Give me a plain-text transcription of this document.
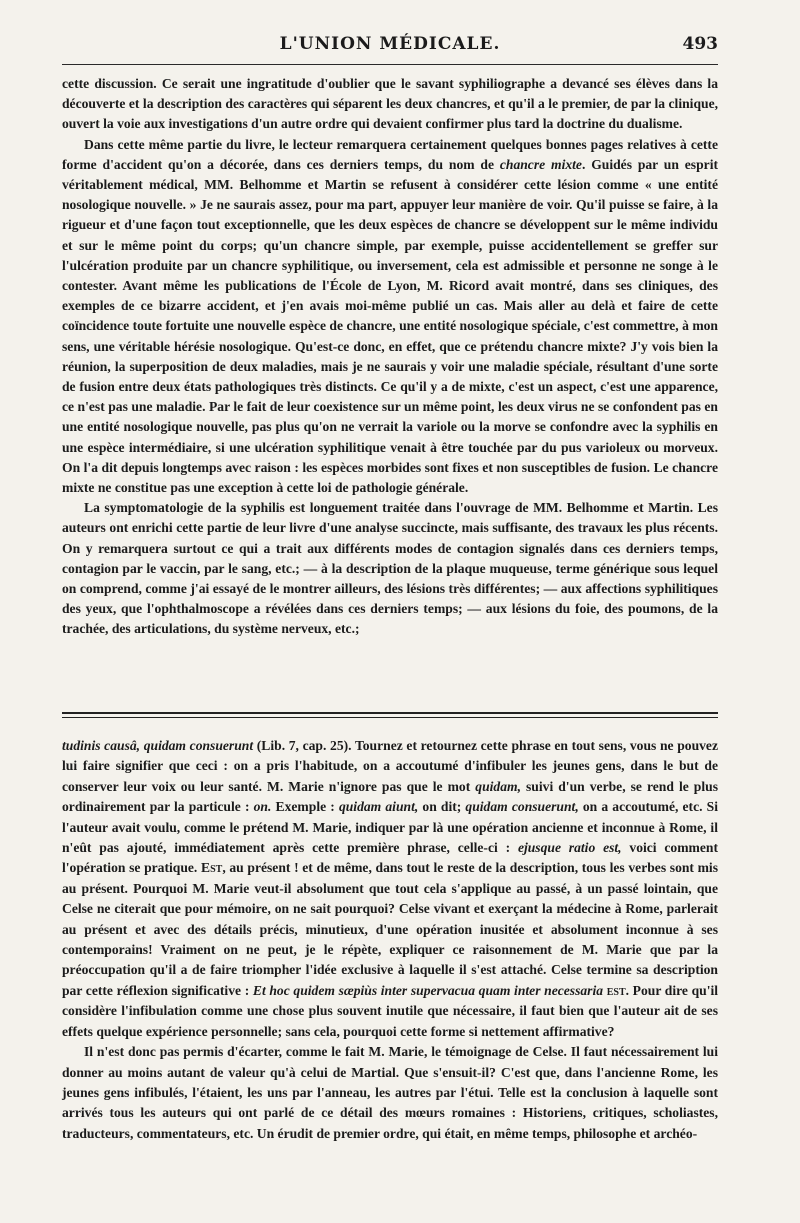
L'UNION MÉDICALE.	493

cette discussion. Ce serait une ingratitude d'oublier que le savant syphiliographe a devancé ses élèves dans la découverte et la description des caractères qui séparent les deux chancres, et qu'il a le premier, de par la clinique, ouvert la voie aux investigations d'un autre ordre qui devaient confirmer plus tard la doctrine du dualisme.

Dans cette même partie du livre, le lecteur remarquera certainement quelques bonnes pages relatives à cette forme d'accident qu'on a décorée, dans ces derniers temps, du nom de chancre mixte. Guidés par un esprit véritablement médical, MM. Belhomme et Martin se refusent à considérer cette lésion comme « une entité nosologique nouvelle. » Je ne saurais assez, pour ma part, appuyer leur manière de voir. Qu'il puisse se faire, à la rigueur et d'une façon tout exceptionnelle, que les deux espèces de chancre se développent sur le même individu et sur le même point du corps; qu'un chancre simple, par exemple, puisse accidentellement se greffer sur l'ulcération produite par un chancre syphilitique, ou inversement, cela est admissible et personne ne songe à le contester. Avant même les publications de l'École de Lyon, M. Ricord avait montré, dans ses cliniques, des exemples de ce bizarre accident, et j'en avais moi-même publié un cas. Mais aller au delà et faire de cette coïncidence toute fortuite une nouvelle espèce de chancre, une entité nosologique spéciale, c'est commettre, à mon sens, une véritable hérésie nosologique. Qu'est-ce donc, en effet, que ce prétendu chancre mixte? J'y vois bien la réunion, la superposition de deux maladies, mais je ne saurais y voir une maladie spéciale, résultant d'une sorte de fusion entre deux états pathologiques très distincts. Ce qu'il y a de mixte, c'est un aspect, c'est une apparence, ce n'est pas une maladie. Par le fait de leur coexistence sur un même point, les deux virus ne se confondent pas en une entité nosologique nouvelle, pas plus qu'on ne verrait la variole ou la morve se confondre avec la syphilis en une espèce intermédiaire, si une ulcération syphilitique venait à être touchée par du pus varioleux ou morveux. On l'a dit depuis longtemps avec raison : les espèces morbides sont fixes et non susceptibles de fusion. Le chancre mixte ne constitue pas une exception à cette loi de pathologie générale.

La symptomatologie de la syphilis est longuement traitée dans l'ouvrage de MM. Belhomme et Martin. Les auteurs ont enrichi cette partie de leur livre d'une analyse succincte, mais suffisante, des travaux les plus récents. On y remarquera surtout ce qui a trait aux différents modes de contagion signalés dans ces derniers temps, contagion par le vaccin, par le sang, etc.; — à la description de la plaque muqueuse, terme générique sous lequel on comprend, comme j'ai essayé de le montrer ailleurs, des lésions très différentes; — aux affections syphilitiques des yeux, que l'ophthalmoscope a révélées dans ces derniers temps; — aux lésions du foie, des poumons, de la trachée, des articulations, du système nerveux, etc.;

tudinis causâ, quidam consuerunt (Lib. 7, cap. 25). Tournez et retournez cette phrase en tout sens, vous ne pouvez lui faire signifier que ceci : on a pris l'habitude, on a accoutumé d'infibuler les jeunes gens, dans le but de conserver leur voix ou leur santé. M. Marie n'ignore pas que le mot quidam, suivi d'un verbe, se rend le plus ordinairement par la particule : on. Exemple : quidam aiunt, on dit; quidam consuerunt, on a accoutumé, etc. Si l'auteur avait voulu, comme le prétend M. Marie, indiquer par là une opération ancienne et inconnue à Rome, il n'eût pas ajouté, immédiatement après cette première phrase, celle-ci : ejusque ratio est, voici comment l'opération se pratique. Est, au présent ! et de même, dans tout le reste de la description, tous les verbes sont mis au présent. Pourquoi M. Marie veut-il absolument que tout cela s'applique au passé, à un passé lointain, que Celse ne citerait que pour mémoire, on ne sait pourquoi? Celse vivant et exerçant la médecine à Rome, parlerait au présent et avec des détails précis, minutieux, d'une opération inusitée et absolument inconnue à ses contemporains! Vraiment on ne peut, je le répète, expliquer ce raisonnement de M. Marie que par la préoccupation qu'il a de faire triompher l'idée exclusive à laquelle il s'est attaché. Celse termine sa description par cette réflexion significative : Et hoc quidem sæpiùs inter supervacua quam inter necessaria est. Pour dire qu'il considère l'infibulation comme une chose plus souvent inutile que nécessaire, il faut bien que l'auteur ait de ses effets quelque expérience personnelle; sans cela, pourquoi cette forme si nettement affirmative?

Il n'est donc pas permis d'écarter, comme le fait M. Marie, le témoignage de Celse. Il faut nécessairement lui donner au moins autant de valeur qu'à celui de Martial. Que s'ensuit-il? C'est que, dans l'ancienne Rome, les jeunes gens infibulés, l'étaient, les uns par l'anneau, les autres par l'étui. Telle est la conclusion à laquelle sont arrivés tous les auteurs qui ont parlé de ce détail des mœurs romaines : Historiens, critiques, scholiastes, traducteurs, commentateurs, etc. Un érudit de premier ordre, qui était, en même temps, philosophe et archéo-
